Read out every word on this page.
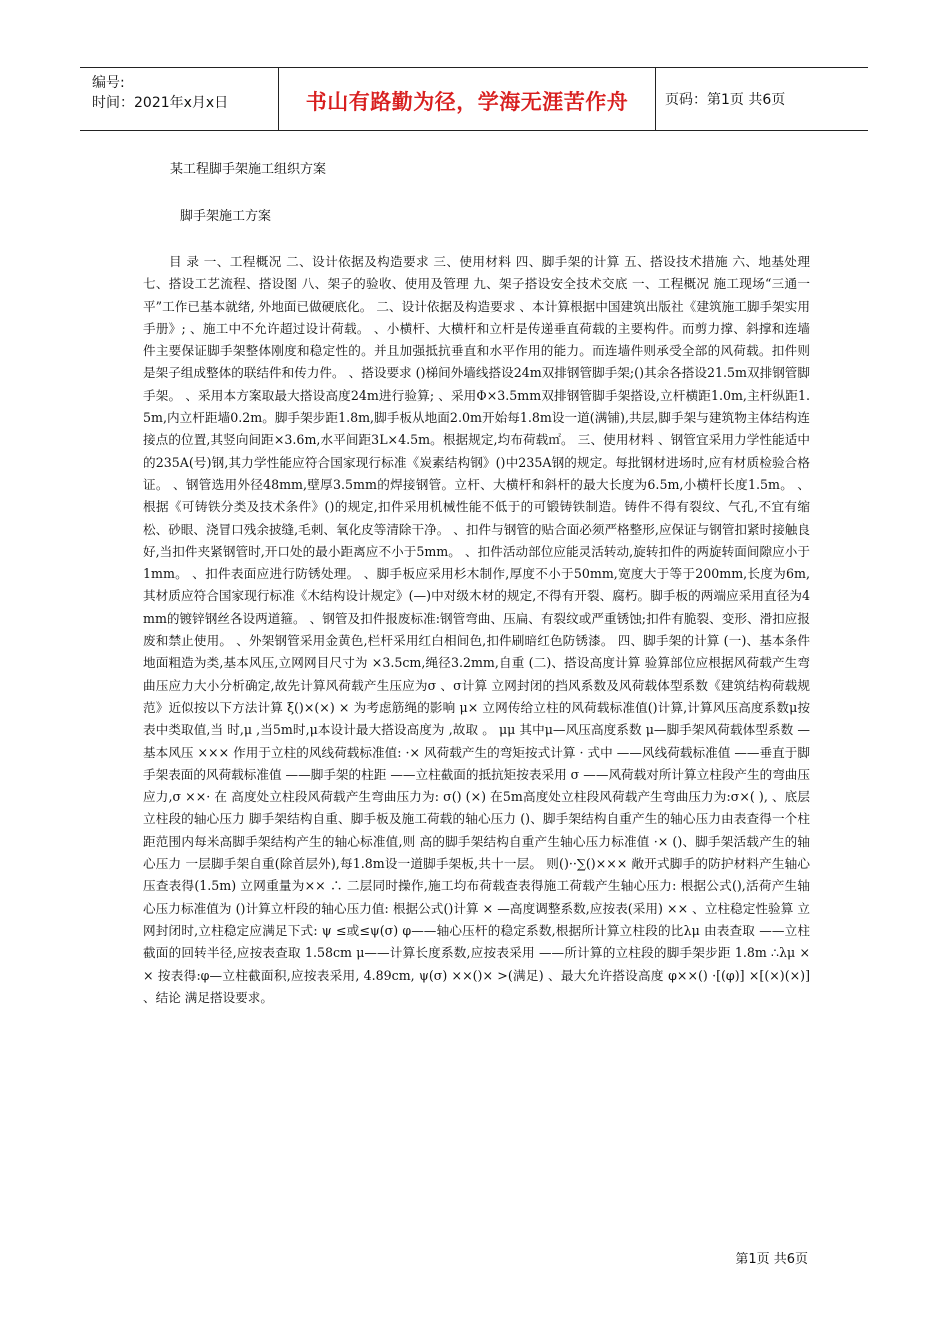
编号:
时间：2021年x月x日	书山有路勤为径，学海无涯苦作舟	页码：第1页 共6页
某工程脚手架施工组织方案
脚手架施工方案
目 录 一、工程概况 二、设计依据及构造要求 三、使用材料 四、脚手架的计算 五、搭设技术措施 六、地基处理 七、搭设工艺流程、搭设图 八、架子的验收、使用及管理 九、架子搭设安全技术交底 一、工程概况 施工现场“三通一平”工作已基本就绪, 外地面已做硬底化。 二、设计依据及构造要求 、本计算根据中国建筑出版社《建筑施工脚手架实用手册》; 、施工中不允许超过设计荷载。 、小横杆、大横杆和立杆是传递垂直荷载的主要构件。而剪力撑、斜撑和连墙件主要保证脚手架整体刚度和稳定性的。并且加强抵抗垂直和水平作用的能力。而连墙件则承受全部的风荷载。扣件则是架子组成整体的联结件和传力件。 、搭设要求 ()梯间外墙线搭设24m双排钢管脚手架;()其余各搭设21.5m双排钢管脚手架。 、采用本方案取最大搭设高度24m进行验算; 、采用Φ×3.5mm双排钢管脚手架搭设,立杆横距1.0m,主杆纵距1.5m,内立杆距墙0.2m。脚手架步距1.8m,脚手板从地面2.0m开始每1.8m设一道(满铺),共层,脚手架与建筑物主体结构连接点的位置,其竖向间距×3.6m,水平间距3L×4.5m。根据规定,均布荷载㎡。 三、使用材料 、钢管宜采用力学性能适中的235A(号)钢,其力学性能应符合国家现行标准《炭素结构钢》()中235A钢的规定。每批钢材进场时,应有材质检验合格证。 、钢管选用外径48mm,壁厚3.5mm的焊接钢管。立杆、大横杆和斜杆的最大长度为6.5m,小横杆长度1.5m。 、根据《可铸铁分类及技术条件》()的规定,扣件采用机械性能不低于的可锻铸铁制造。铸件不得有裂纹、气孔,不宜有缩松、砂眼、浇冒口残余披缝,毛刺、氧化皮等清除干净。 、扣件与钢管的贴合面必须严格整形,应保证与钢管扣紧时接触良好,当扣件夹紧钢管时,开口处的最小距离应不小于5mm。 、扣件活动部位应能灵活转动,旋转扣件的两旋转面间隙应小于1mm。 、扣件表面应进行防锈处理。 、脚手板应采用杉木制作,厚度不小于50mm,宽度大于等于200mm,长度为6m,其材质应符合国家现行标准《木结构设计规定》(—)中对级木材的规定,不得有开裂、腐朽。脚手板的两端应采用直径为4mm的镀锌钢丝各设两道箍。 、钢管及扣件报废标准:钢管弯曲、压扁、有裂纹或严重锈蚀;扣件有脆裂、变形、滑扣应报废和禁止使用。 、外架钢管采用金黄色,栏杆采用红白相间色,扣件刷暗红色防锈漆。 四、脚手架的计算 (一)、基本条件 地面粗造为类,基本风压,立网网目尺寸为 ×3.5cm,绳径3.2mm,自重 (二)、搭设高度计算 验算部位应根据风荷载产生弯曲压应力大小分析确定,故先计算风荷载产生压应为σ 、σ计算 立网封闭的挡风系数及风荷载体型系数《建筑结构荷载规范》近似按以下方法计算 ξ()×(×) × 为考虑筋绳的影响 μ× 立网传给立柱的风荷载标准值()计算,计算风压高度系数μ按表中类取值,当 时,μ ,当5m时,μ本设计最大搭设高度为 ,故取 。 μμ 其中μ—风压高度系数 μ—脚手架风荷载体型系数 —基本风压 ××× 作用于立柱的风线荷载标准值: ·× 风荷载产生的弯矩按式计算 · 式中 ——风线荷载标准值 ——垂直于脚手架表面的风荷载标准值 ——脚手架的柱距 ——立柱截面的抵抗矩按表采用 σ ——风荷载对所计算立柱段产生的弯曲压应力,σ ××· 在 高度处立柱段风荷载产生弯曲压力为: σ() (×) 在5m高度处立柱段风荷载产生弯曲压力为:σ×( ), 、底层立柱段的轴心压力 脚手架结构自重、脚手板及施工荷载的轴心压力 ()、脚手架结构自重产生的轴心压力由表查得一个柱距范围内每米高脚手架结构产生的轴心标准值,则 高的脚手架结构自重产生轴心压力标准值 ·× ()、脚手架活载产生的轴心压力 一层脚手架自重(除首层外),每1.8m设一道脚手架板,共十一层。 则()··∑()××× 敞开式脚手的防护材料产生轴心压查表得(1.5m) 立网重量为×× ∴ 二层同时操作,施工均布荷载查表得施工荷载产生轴心压力: 根据公式(),活荷产生轴心压力标准值为 ()计算立杆段的轴心压力值: 根据公式()计算 × —高度调整系数,应按表(采用) ×× 、立柱稳定性验算 立网封闭时,立柱稳定应满足下式: ψ ≤或≤ψ(σ) φ——轴心压杆的稳定系数,根据所计算立柱段的比λμ 由表查取 ——立柱截面的回转半径,应按表查取 1.58cm μ——计算长度系数,应按表采用 ——所计算的立柱段的脚手架步距 1.8m ∴λμ × × 按表得:φ—立柱截面积,应按表采用, 4.89cm, ψ(σ) ××()× >(满足) 、最大允许搭设高度 φ××() ·[(φ)] ×[(×)(×)] 、结论 满足搭设要求。
第1页 共6页
